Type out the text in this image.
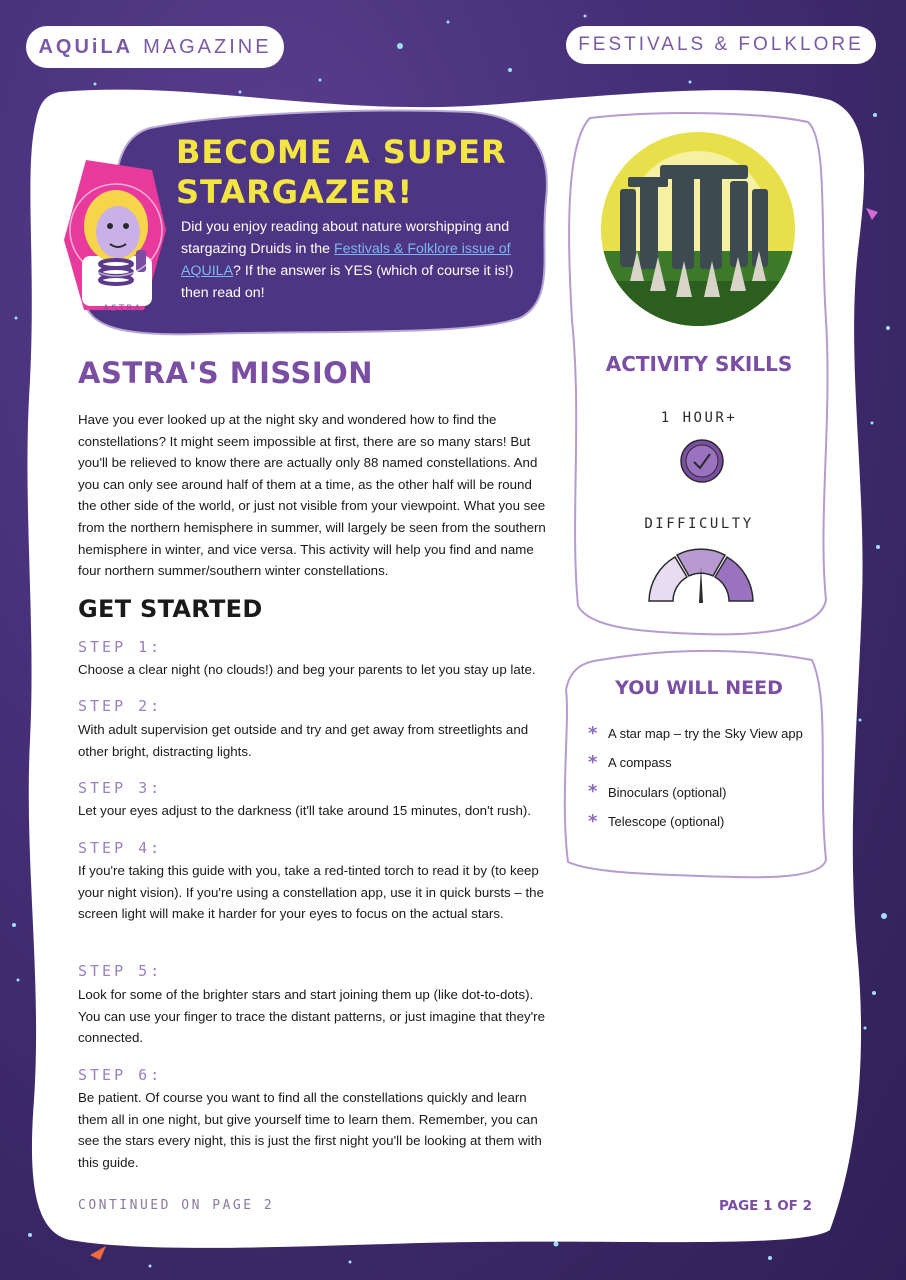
AQUiLA MAGAZINE	FESTIVALS & FOLKLORE
ASTRA
BECOME A SUPER
STARGAZER!

Did you enjoy reading about nature worshipping and stargazing Druids in the Festivals & Folklore issue of AQUILA? If the answer is YES (which of course it is!) then read on!

ASTRA'S MISSION

Have you ever looked up at the night sky and wondered how to find the constellations? It might seem impossible at first, there are so many stars! But you'll be relieved to know there are actually only 88 named constellations. And you can only see around half of them at a time, as the other half will be round the other side of the world, or just not visible from your viewpoint. What you see from the northern hemisphere in summer, will largely be seen from the southern hemisphere in winter, and vice versa. This activity will help you find and name four northern summer/southern winter constellations.

GET STARTED

STEP 1:

Choose a clear night (no clouds!) and beg your parents to let you stay up late.

STEP 2:

With adult supervision get outside and try and get away from streetlights and other bright, distracting lights.

STEP 3:

Let your eyes adjust to the darkness (it'll take around 15 minutes, don't rush).

STEP 4:

If you're taking this guide with you, take a red-tinted torch to read it by (to keep your night vision). If you're using a constellation app, use it in quick bursts – the screen light will make it harder for your eyes to focus on the actual stars.

STEP 5:

Look for some of the brighter stars and start joining them up (like dot-to-dots). You can use your finger to trace the distant patterns, or just imagine that they're connected.

STEP 6:

Be patient. Of course you want to find all the constellations quickly and learn them all in one night, but give yourself time to learn them. Remember, you can see the stars every night, this is just the first night you'll be looking at them with this guide.

CONTINUED ON PAGE 2	PAGE 1 OF 2

ACTIVITY SKILLS

1 HOUR+

DIFFICULTY

YOU WILL NEED
* A star map – try the Sky View app
* A compass
* Binoculars (optional)
* Telescope (optional)
